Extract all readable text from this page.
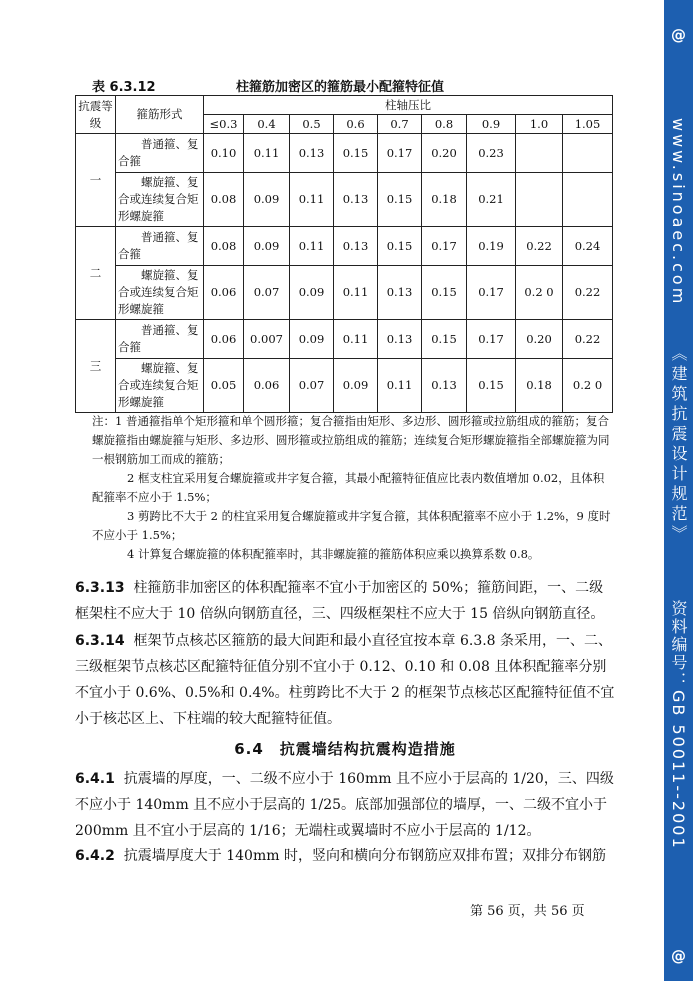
@
www.sinoaec.com
《建筑抗震设计规范》
资料编号：GB 50011--2001
@
表 6.3.12	柱箍筋加密区的箍筋最小配箍特征值
抗震等级	箍筋形式	柱轴压比								
		≤0.3	0.4	0.5	0.6	0.7	0.8	0.9	1.0	1.05
一	普通箍、复合箍	0.10	0.11	0.13	0.15	0.17	0.20	0.23		
	螺旋箍、复合或连续复合矩形螺旋箍	0.08	0.09	0.11	0.13	0.15	0.18	0.21		
二	普通箍、复合箍	0.08	0.09	0.11	0.13	0.15	0.17	0.19	0.22	0.24
	螺旋箍、复合或连续复合矩形螺旋箍	0.06	0.07	0.09	0.11	0.13	0.15	0.17	0.2 0	0.22
三	普通箍、复合箍	0.06	0.007	0.09	0.11	0.13	0.15	0.17	0.20	0.22
	螺旋箍、复合或连续复合矩形螺旋箍	0.05	0.06	0.07	0.09	0.11	0.13	0.15	0.18	0.2 0

注：1 普通箍指单个矩形箍和单个圆形箍；复合箍指由矩形、多边形、圆形箍或拉筋组成的箍筋；复合螺旋箍指由螺旋箍与矩形、多边形、圆形箍或拉筋组成的箍筋；连续复合矩形螺旋箍指全部螺旋箍为同一根钢筋加工而成的箍筋；

2 框支柱宜采用复合螺旋箍或井字复合箍，其最小配箍特征值应比表内数值增加 0.02，且体积配箍率不应小于 1.5%；

3 剪跨比不大于 2 的柱宜采用复合螺旋箍或井字复合箍，其体积配箍率不应小于 1.2%，9 度时不应小于 1.5%；

4 计算复合螺旋箍的体积配箍率时，其非螺旋箍的箍筋体积应乘以换算系数 0.8。

6.3.13 柱箍筋非加密区的体积配箍率不宜小于加密区的 50%；箍筋间距，一、二级框架柱不应大于 10 倍纵向钢筋直径，三、四级框架柱不应大于 15 倍纵向钢筋直径。

6.3.14 框架节点核芯区箍筋的最大间距和最小直径宜按本章 6.3.8 条采用，一、二、三级框架节点核芯区配箍特征值分别不宜小于 0.12、0.10 和 0.08 且体积配箍率分别不宜小于 0.6%、0.5%和 0.4%。柱剪跨比不大于 2 的框架节点核芯区配箍特征值不宜小于核芯区上、下柱端的较大配箍特征值。

6.4　抗震墙结构抗震构造措施

6.4.1 抗震墙的厚度，一、二级不应小于 160mm 且不应小于层高的 1/20，三、四级不应小于 140mm 且不应小于层高的 1/25。底部加强部位的墙厚，一、二级不宜小于 200mm 且不宜小于层高的 1/16；无端柱或翼墙时不应小于层高的 1/12。

6.4.2 抗震墙厚度大于 140mm 时，竖向和横向分布钢筋应双排布置；双排分布钢筋

第 56 页，共 56 页
